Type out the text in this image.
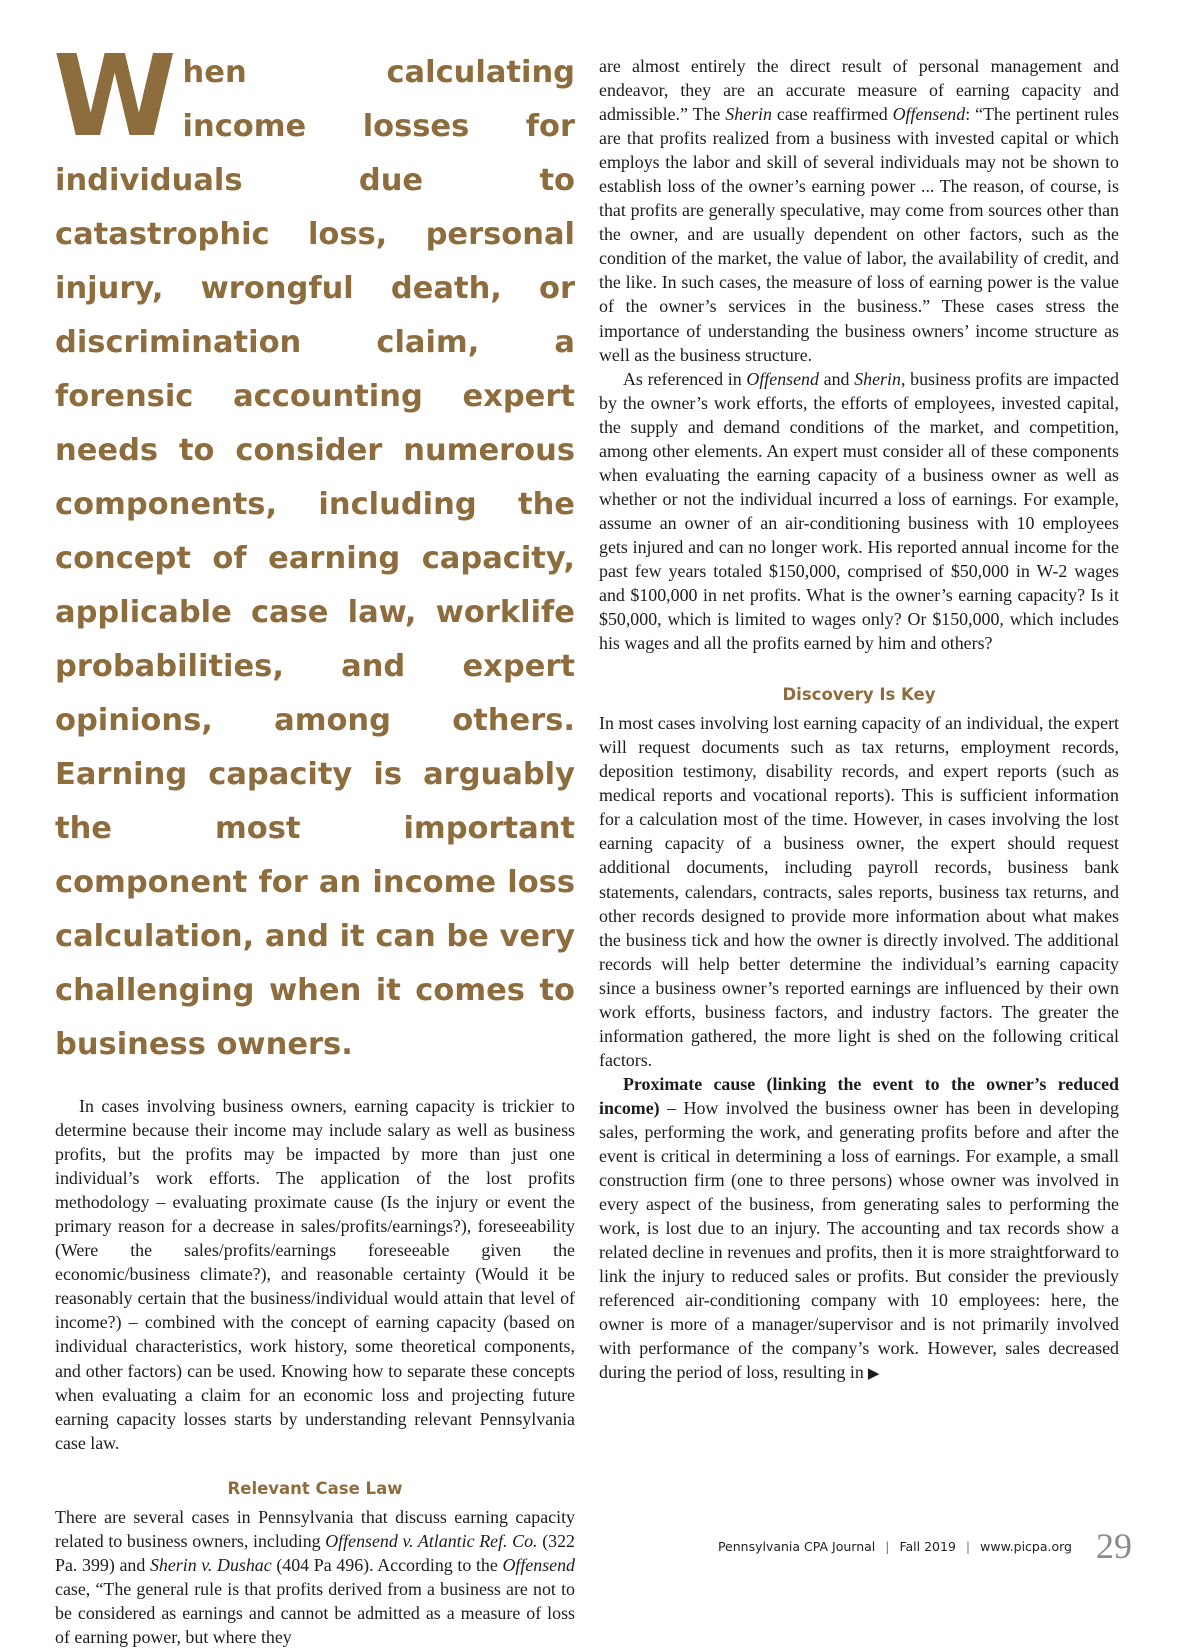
When calculating income losses for individuals due to catastrophic loss, personal injury, wrongful death, or discrimination claim, a forensic accounting expert needs to consider numerous components, including the concept of earning capacity, applicable case law, worklife probabilities, and expert opinions, among others. Earning capacity is arguably the most important component for an income loss calculation, and it can be very challenging when it comes to business owners.

In cases involving business owners, earning capacity is trickier to determine because their income may include salary as well as business profits, but the profits may be impacted by more than just one individual’s work efforts. The application of the lost profits methodology – evaluating proximate cause (Is the injury or event the primary reason for a decrease in sales/profits/earnings?), foreseeability (Were the sales/profits/earnings foreseeable given the economic/business climate?), and reasonable certainty (Would it be reasonably certain that the business/individual would attain that level of income?) – combined with the concept of earning capacity (based on individual characteristics, work history, some theoretical components, and other factors) can be used. Knowing how to separate these concepts when evaluating a claim for an economic loss and projecting future earning capacity losses starts by understanding relevant Pennsylvania case law.

Relevant Case Law

There are several cases in Pennsylvania that discuss earning capacity related to business owners, including Offensend v. Atlantic Ref. Co. (322 Pa. 399) and Sherin v. Dushac (404 Pa 496). According to the Offensend case, “The general rule is that profits derived from a business are not to be considered as earnings and cannot be admitted as a measure of loss of earning power, but where they

are almost entirely the direct result of personal management and endeavor, they are an accurate measure of earning capacity and admissible.” The Sherin case reaffirmed Offensend: “The pertinent rules are that profits realized from a business with invested capital or which employs the labor and skill of several individuals may not be shown to establish loss of the owner’s earning power ... The reason, of course, is that profits are generally speculative, may come from sources other than the owner, and are usually dependent on other factors, such as the condition of the market, the value of labor, the availability of credit, and the like. In such cases, the measure of loss of earning power is the value of the owner’s services in the business.” These cases stress the importance of understanding the business owners’ income structure as well as the business structure.

As referenced in Offensend and Sherin, business profits are impacted by the owner’s work efforts, the efforts of employees, invested capital, the supply and demand conditions of the market, and competition, among other elements. An expert must consider all of these components when evaluating the earning capacity of a business owner as well as whether or not the individual incurred a loss of earnings. For example, assume an owner of an air-conditioning business with 10 employees gets injured and can no longer work. His reported annual income for the past few years totaled $150,000, comprised of $50,000 in W-2 wages and $100,000 in net profits. What is the owner’s earning capacity? Is it $50,000, which is limited to wages only? Or $150,000, which includes his wages and all the profits earned by him and others?

Discovery Is Key

In most cases involving lost earning capacity of an individual, the expert will request documents such as tax returns, employment records, deposition testimony, disability records, and expert reports (such as medical reports and vocational reports). This is sufficient information for a calculation most of the time. However, in cases involving the lost earning capacity of a business owner, the expert should request additional documents, including payroll records, business bank statements, calendars, contracts, sales reports, business tax returns, and other records designed to provide more information about what makes the business tick and how the owner is directly involved. The additional records will help better determine the individual’s earning capacity since a business owner’s reported earnings are influenced by their own work efforts, business factors, and industry factors. The greater the information gathered, the more light is shed on the following critical factors.

Proximate cause (linking the event to the owner’s reduced income) – How involved the business owner has been in developing sales, performing the work, and generating profits before and after the event is critical in determining a loss of earnings. For example, a small construction firm (one to three persons) whose owner was involved in every aspect of the business, from generating sales to performing the work, is lost due to an injury. The accounting and tax records show a related decline in revenues and profits, then it is more straightforward to link the injury to reduced sales or profits. But consider the previously referenced air-conditioning company with 10 employees: here, the owner is more of a manager/supervisor and is not primarily involved with performance of the company’s work. However, sales decreased during the period of loss, resulting in ▶

Pennsylvania CPA Journal | Fall 2019 | www.picpa.org 29
